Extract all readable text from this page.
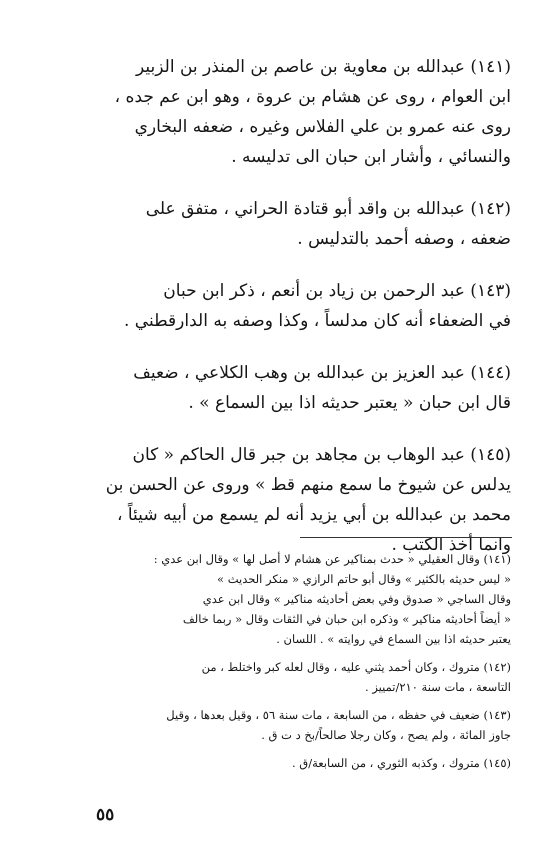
(١٤١) عبدالله بن معاوية بن عاصم بن المنذر بن الزبير

ابن العوام ، روى عن هشام بن عروة ، وهو ابن عم جده ،

روى عنه عمرو بن علي الفلاس وغيره ، ضعفه البخاري

والنسائي ، وأشار ابن حبان الى تدليسه .

(١٤٢) عبدالله بن واقد أبو قتادة الحراني ، متفق على

ضعفه ، وصفه أحمد بالتدليس .

(١٤٣) عبد الرحمن بن زياد بن أنعم ، ذكر ابن حبان

في الضعفاء أنه كان مدلساً ، وكذا وصفه به الدارقطني .

(١٤٤) عبد العزيز بن عبدالله بن وهب الكلاعي ، ضعيف

قال ابن حبان « يعتبر حديثه اذا بين السماع » .

(١٤٥) عبد الوهاب بن مجاهد بن جبر قال الحاكم « كان

يدلس عن شيوخ ما سمع منهم قط » وروى عن الحسن بن

محمد بن عبدالله بن أبي يزيد أنه لم يسمع من أبيه شيئاً ،

وانما أخذ الكتب .

(١٤١) وقال العقيلي « حدث بمناكير عن هشام لا أصل لها » وقال ابن عدي :

« ليس حديثه بالكثير » وقال أبو حاتم الرازي « منكر الحديث »

وقال الساجي « صدوق وفي بعض أحاديثه مناكير » وقال ابن عدي

« أيضاً أحاديثه مناكير » وذكره ابن حبان في الثقات وقال « ربما خالف

يعتبر حديثه اذا بين السماع في روايته » . اللسان .

(١٤٢) متروك ، وكان أحمد يثني عليه ، وقال لعله كبر واختلط ، من

التاسعة ، مات سنة ٢١٠/تمييز .

(١٤٣) ضعيف في حفظه ، من السابعة ، مات سنة ٥٦ ، وقيل بعدها ، وقيل

جاوز المائة ، ولم يصح ، وكان رجلا صالحاً/بخ د ت ق .

(١٤٥) متروك ، وكذبه الثوري ، من السابعة/ق .

٥٥
